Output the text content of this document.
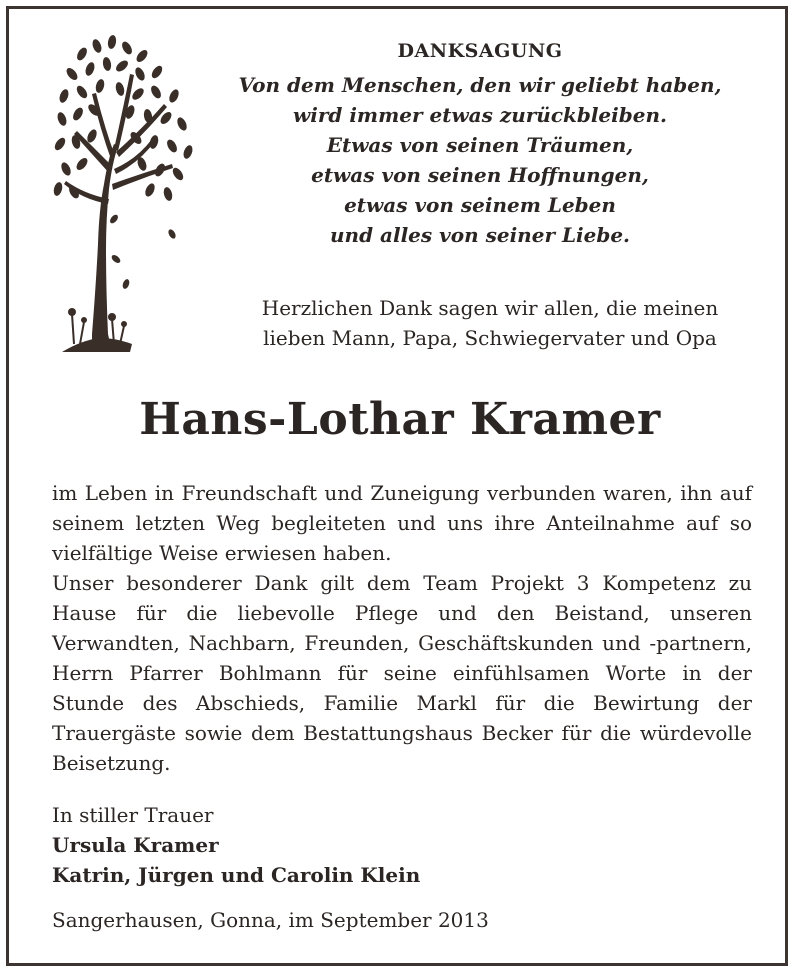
DANKSAGUNG
Von dem Menschen, den wir geliebt haben,
wird immer etwas zurückbleiben.
Etwas von seinen Träumen,
etwas von seinen Hoffnungen,
etwas von seinem Leben
und alles von seiner Liebe.
Herzlichen Dank sagen wir allen, die meinen
lieben Mann, Papa, Schwiegervater und Opa
Hans-Lothar Kramer

im Leben in Freundschaft und Zuneigung verbunden waren, ihn auf seinem letzten Weg begleiteten und uns ihre Anteilnahme auf so vielfältige Weise erwiesen haben.

Unser besonderer Dank gilt dem Team Projekt 3 Kompetenz zu Hause für die liebevolle Pflege und den Beistand, unseren Verwandten, Nachbarn, Freunden, Geschäftskunden und -partnern, Herrn Pfarrer Bohlmann für seine einfühlsamen Worte in der Stunde des Abschieds, Familie Markl für die Bewirtung der Trauergäste sowie dem Bestattungshaus Becker für die würdevolle Beisetzung.

In stiller Trauer
Ursula Kramer
Katrin, Jürgen und Carolin Klein
Sangerhausen, Gonna, im September 2013
